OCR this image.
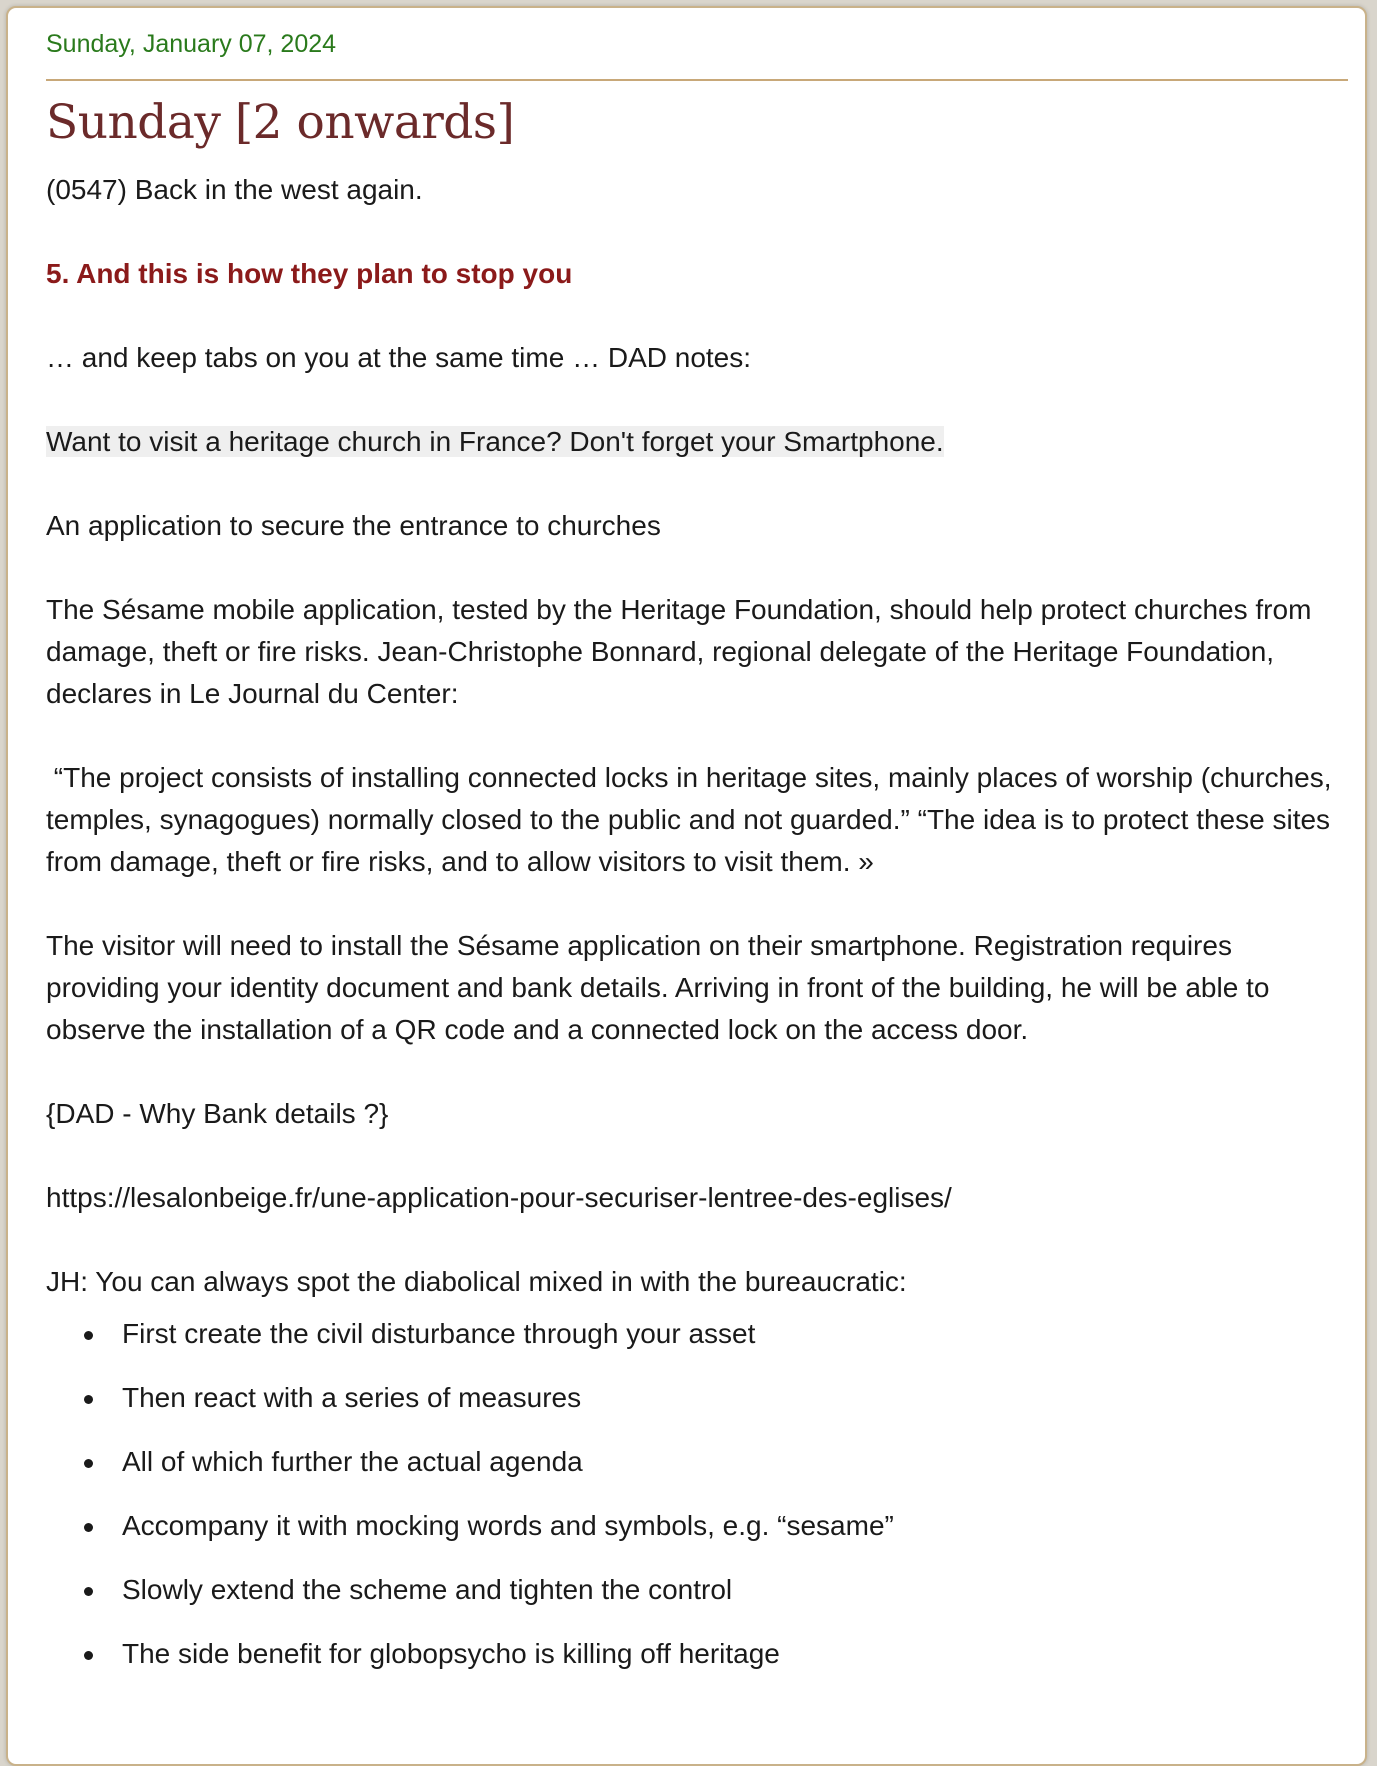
Sunday, January 07, 2024
Sunday [2 onwards]

(0547) Back in the west again.

5. And this is how they plan to stop you

… and keep tabs on you at the same time … DAD notes:

Want to visit a heritage church in France? Don't forget your Smartphone.

An application to secure the entrance to churches

The Sésame mobile application, tested by the Heritage Foundation, should help protect churches from damage, theft or fire risks. Jean-Christophe Bonnard, regional delegate of the Heritage Foundation, declares in Le Journal du Center:

“The project consists of installing connected locks in heritage sites, mainly places of worship (churches, temples, synagogues) normally closed to the public and not guarded.” “The idea is to protect these sites from damage, theft or fire risks, and to allow visitors to visit them. »

The visitor will need to install the Sésame application on their smartphone. Registration requires providing your identity document and bank details. Arriving in front of the building, he will be able to observe the installation of a QR code and a connected lock on the access door.

{DAD - Why Bank details ?}

https://lesalonbeige.fr/une-application-pour-securiser-lentree-des-eglises/

JH: You can always spot the diabolical mixed in with the bureaucratic:

First create the civil disturbance through your asset
Then react with a series of measures
All of which further the actual agenda
Accompany it with mocking words and symbols, e.g. “sesame”
Slowly extend the scheme and tighten the control
The side benefit for globopsycho is killing off heritage
